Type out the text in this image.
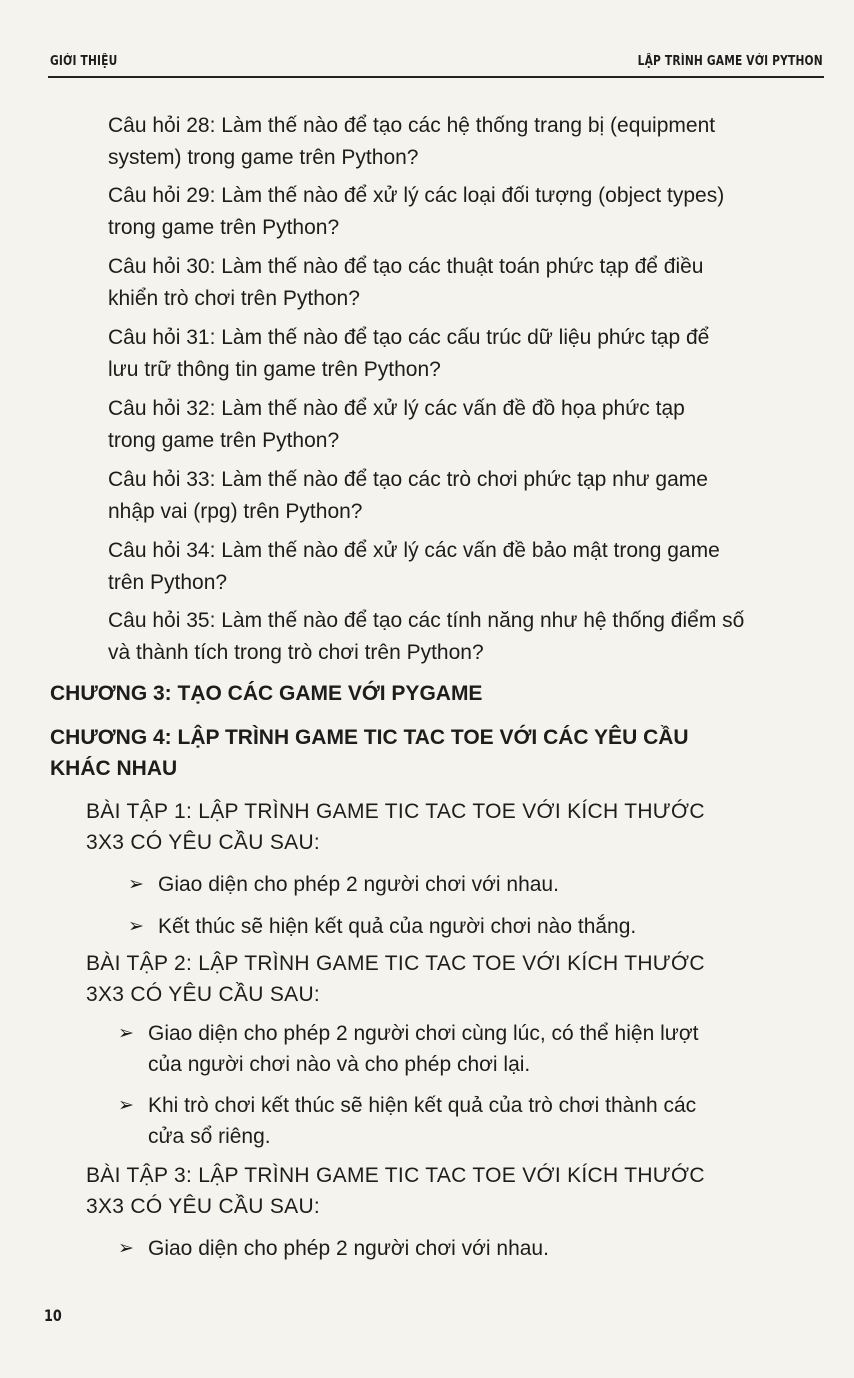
GIỚI THIỆU	LẬP TRÌNH GAME VỚI PYTHON

Câu hỏi 28: Làm thế nào để tạo các hệ thống trang bị (equipment
system) trong game trên Python?

Câu hỏi 29: Làm thế nào để xử lý các loại đối tượng (object types)
trong game trên Python?

Câu hỏi 30: Làm thế nào để tạo các thuật toán phức tạp để điều
khiển trò chơi trên Python?

Câu hỏi 31: Làm thế nào để tạo các cấu trúc dữ liệu phức tạp để
lưu trữ thông tin game trên Python?

Câu hỏi 32: Làm thế nào để xử lý các vấn đề đồ họa phức tạp
trong game trên Python?

Câu hỏi 33: Làm thế nào để tạo các trò chơi phức tạp như game
nhập vai (rpg) trên Python?

Câu hỏi 34: Làm thế nào để xử lý các vấn đề bảo mật trong game
trên Python?

Câu hỏi 35: Làm thế nào để tạo các tính năng như hệ thống điểm số
và thành tích trong trò chơi trên Python?

CHƯƠNG 3: TẠO CÁC GAME VỚI PYGAME

CHƯƠNG 4: LẬP TRÌNH GAME TIC TAC TOE VỚI CÁC YÊU CẦU
KHÁC NHAU

BÀI TẬP 1: LẬP TRÌNH GAME TIC TAC TOE VỚI KÍCH THƯỚC
3X3 CÓ YÊU CẦU SAU:

➢ Giao diện cho phép 2 người chơi với nhau.

➢ Kết thúc sẽ hiện kết quả của người chơi nào thắng.

BÀI TẬP 2: LẬP TRÌNH GAME TIC TAC TOE VỚI KÍCH THƯỚC
3X3 CÓ YÊU CẦU SAU:

➢ Giao diện cho phép 2 người chơi cùng lúc, có thể hiện lượt
của người chơi nào và cho phép chơi lại.

➢ Khi trò chơi kết thúc sẽ hiện kết quả của trò chơi thành các
cửa sổ riêng.

BÀI TẬP 3: LẬP TRÌNH GAME TIC TAC TOE VỚI KÍCH THƯỚC
3X3 CÓ YÊU CẦU SAU:

➢ Giao diện cho phép 2 người chơi với nhau.

10
